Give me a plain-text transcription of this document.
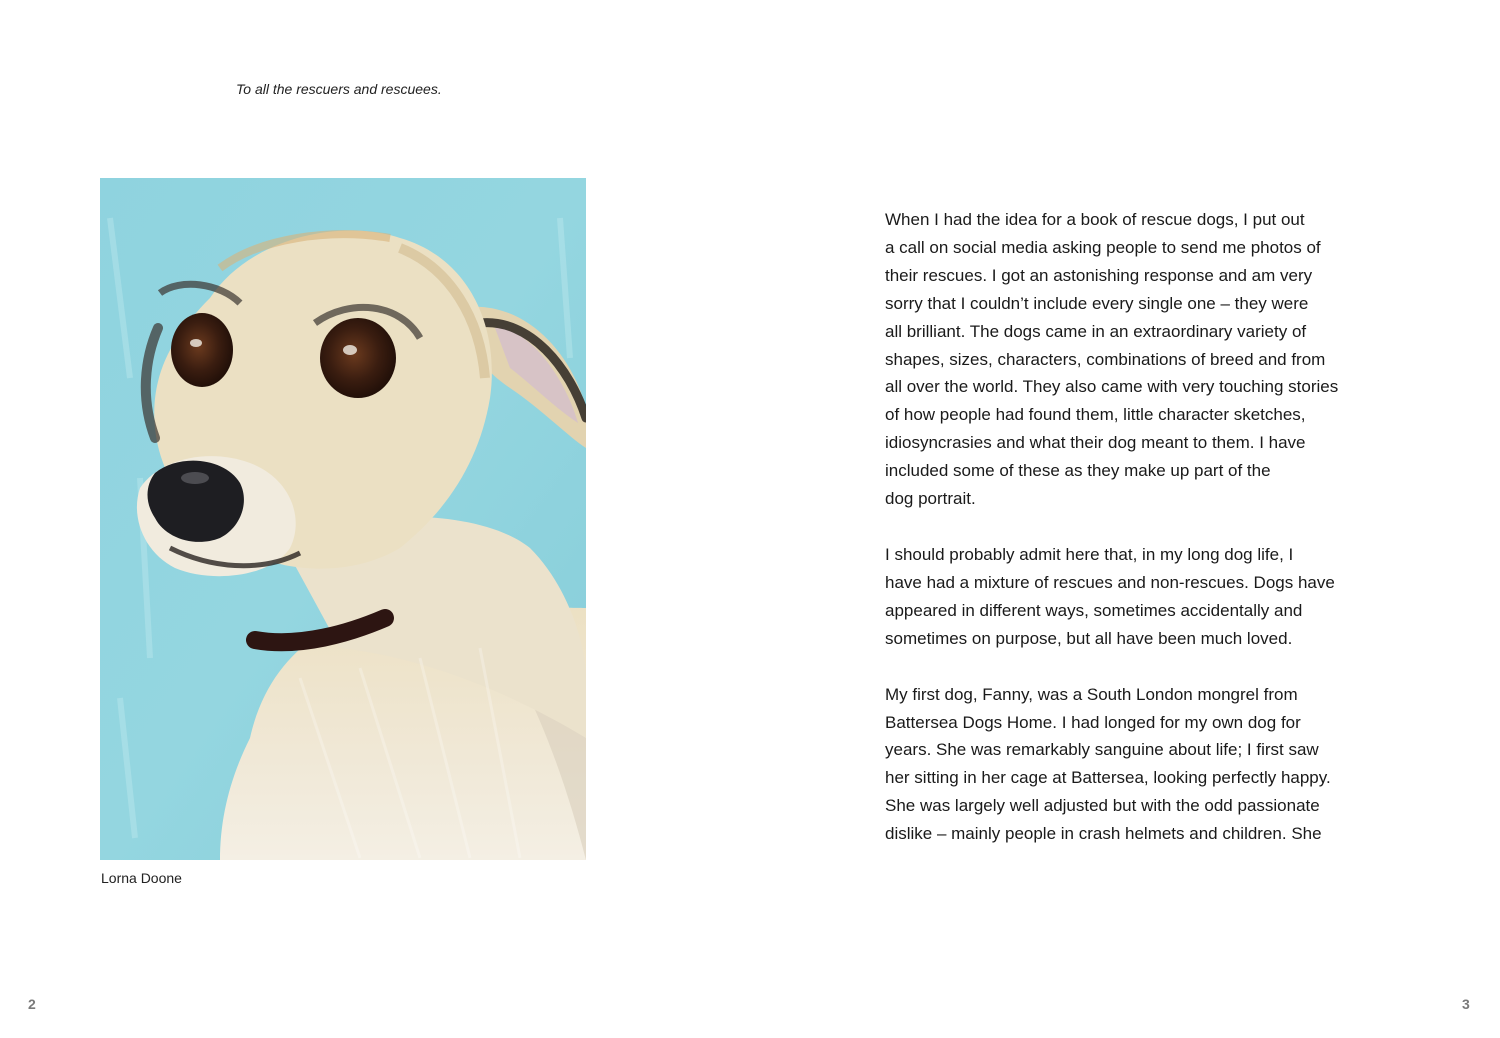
To all the rescuers and rescuees.
Lorna Doone
2	3

When I had the idea for a book of rescue dogs, I put out
a call on social media asking people to send me photos of
their rescues. I got an astonishing response and am very
sorry that I couldn’t include every single one – they were
all brilliant. The dogs came in an extraordinary variety of
shapes, sizes, characters, combinations of breed and from
all over the world. They also came with very touching stories
of how people had found them, little character sketches,
idiosyncrasies and what their dog meant to them. I have
included some of these as they make up part of the
dog portrait.

I should probably admit here that, in my long dog life, I
have had a mixture of rescues and non-rescues. Dogs have
appeared in different ways, sometimes accidentally and
sometimes on purpose, but all have been much loved.

My first dog, Fanny, was a South London mongrel from
Battersea Dogs Home. I had longed for my own dog for
years. She was remarkably sanguine about life; I first saw
her sitting in her cage at Battersea, looking perfectly happy.
She was largely well adjusted but with the odd passionate
dislike – mainly people in crash helmets and children. She
